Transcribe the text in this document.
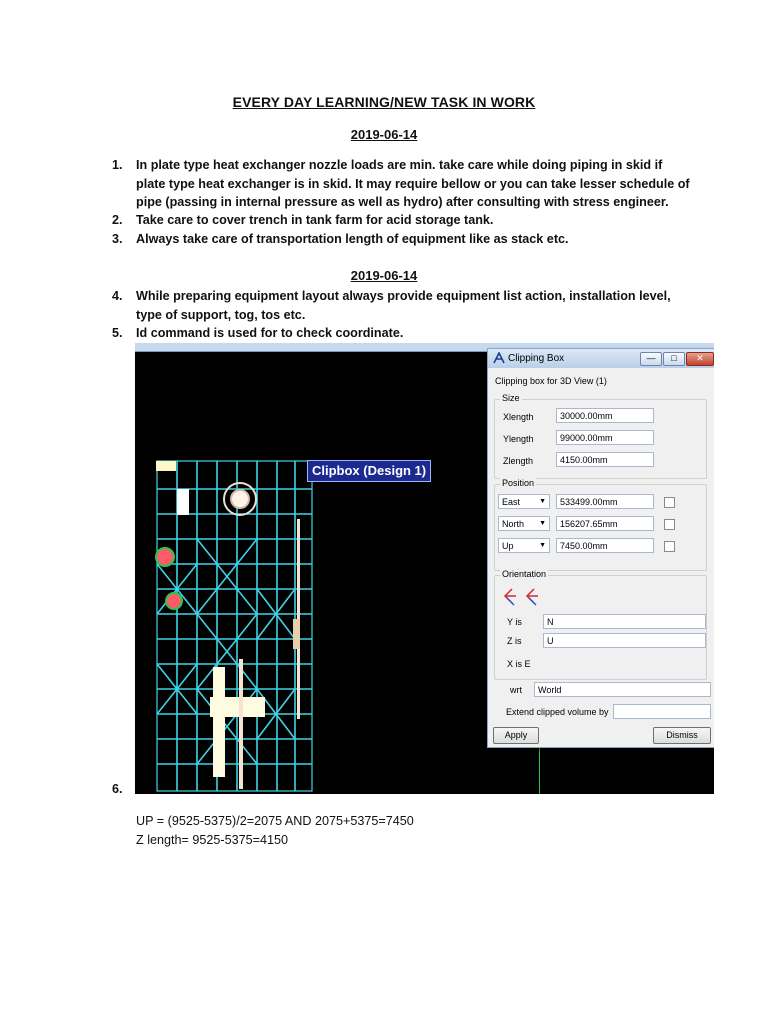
EVERY DAY LEARNING/NEW TASK IN WORK
2019-06-14
1.	In plate type heat exchanger nozzle loads are min. take care while doing piping in skid if plate type heat exchanger is in skid. It may require bellow or you can take lesser schedule of pipe (passing in internal pressure as well as hydro) after consulting with stress engineer.
2.	Take care to cover trench in tank farm for acid storage tank.
3.	Always take care of transportation length of equipment like as stack etc.
2019-06-14
4.	While preparing equipment layout always provide equipment list action, installation level, type of support, tog, tos etc.
5.	Id command is used for to check coordinate.
6.
Clipbox (Design 1)
Clipping Box	—	□	✕
Clipping box for 3D View (1)
Size
Xlength	30000.00mm
Ylength	99000.00mm
Zlength	4150.00mm
Position
East	▼	533499.00mm
North ▼	156207.65mm
Up	▼	7450.00mm
Orientation
Y is	N
Z is	U
X is E
wrt	World
Extend clipped volume by
Apply	Dismiss
UP = (9525-5375)/2=2075 AND 2075+5375=7450
Z length= 9525-5375=4150
